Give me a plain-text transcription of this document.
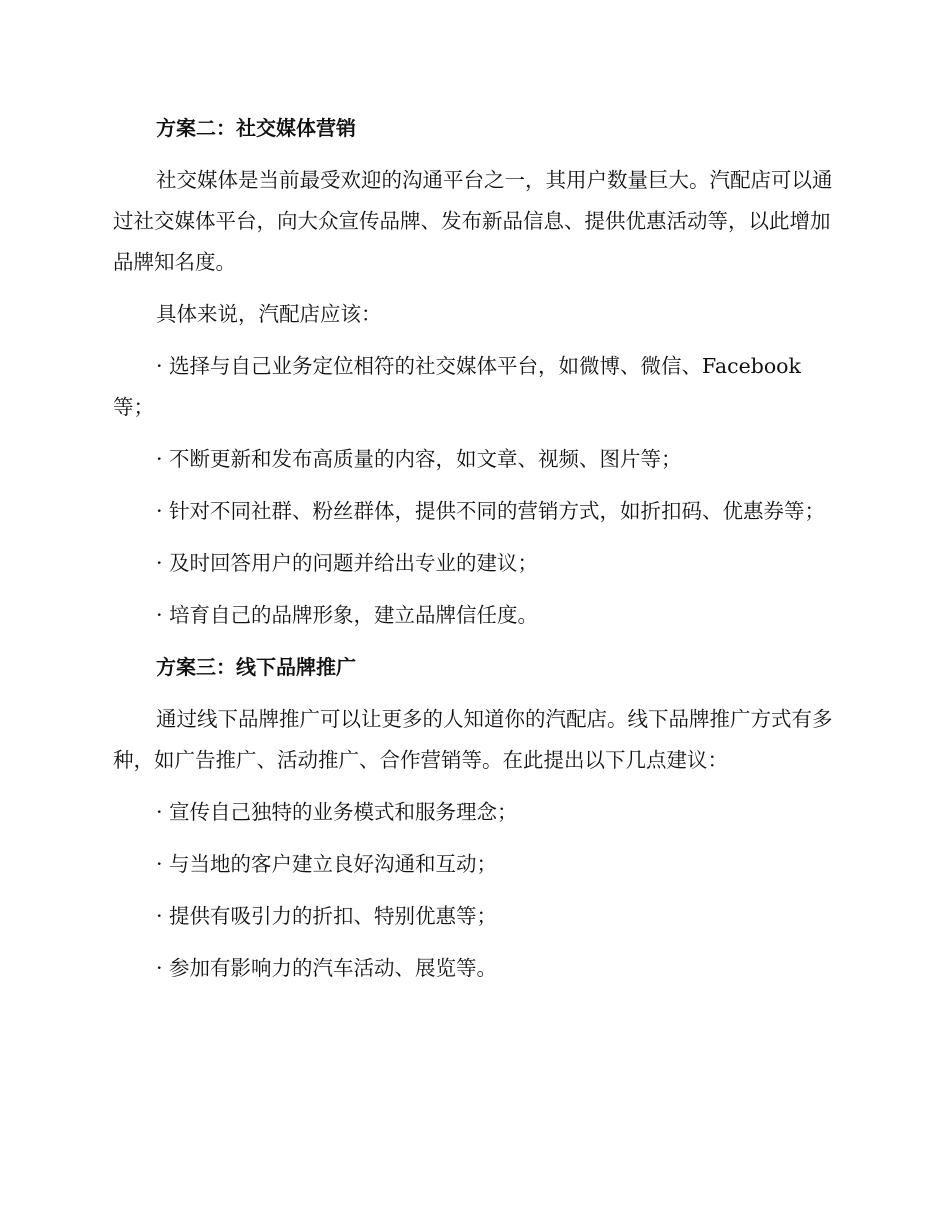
方案二：社交媒体营销
社交媒体是当前最受欢迎的沟通平台之一，其用户数量巨大。汽配店可以通过社交媒体平台，向大众宣传品牌、发布新品信息、提供优惠活动等，以此增加品牌知名度。
具体来说，汽配店应该：
· 选择与自己业务定位相符的社交媒体平台，如微博、微信、Facebook等；
· 不断更新和发布高质量的内容，如文章、视频、图片等；
· 针对不同社群、粉丝群体，提供不同的营销方式，如折扣码、优惠券等；
· 及时回答用户的问题并给出专业的建议；
· 培育自己的品牌形象，建立品牌信任度。
方案三：线下品牌推广
通过线下品牌推广可以让更多的人知道你的汽配店。线下品牌推广方式有多种，如广告推广、活动推广、合作营销等。在此提出以下几点建议：
· 宣传自己独特的业务模式和服务理念；
· 与当地的客户建立良好沟通和互动；
· 提供有吸引力的折扣、特别优惠等；
· 参加有影响力的汽车活动、展览等。
